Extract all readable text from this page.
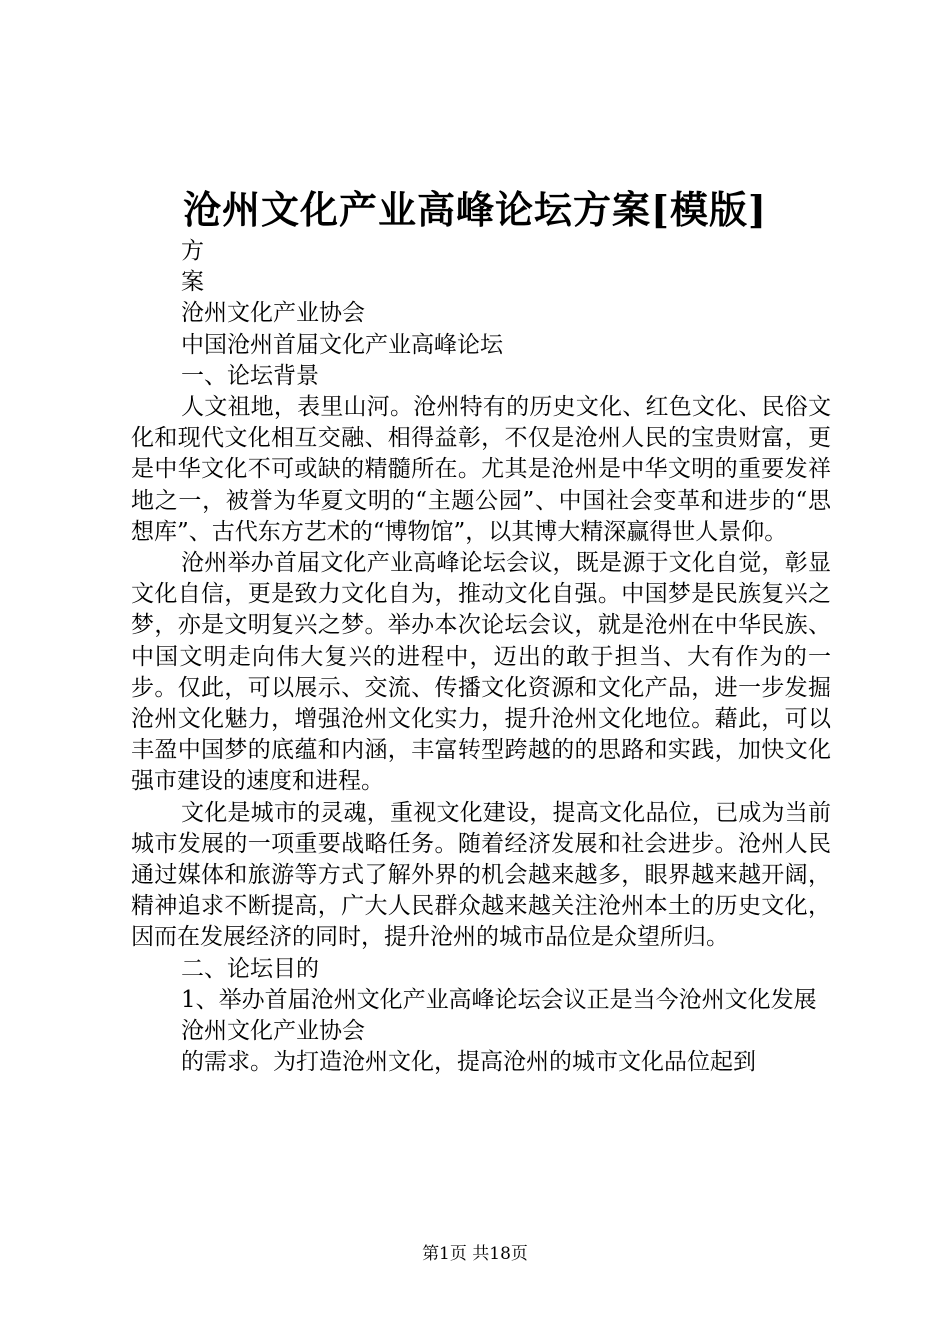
沧州文化产业高峰论坛方案[模版]

方

案

沧州文化产业协会

中国沧州首届文化产业高峰论坛

一、论坛背景

人文祖地，表里山河。沧州特有的历史文化、红色文化、民俗文化和现代文化相互交融、相得益彰，不仅是沧州人民的宝贵财富，更是中华文化不可或缺的精髓所在。尤其是沧州是中华文明的重要发祥地之一，被誉为华夏文明的“主题公园”、中国社会变革和进步的“思想库”、古代东方艺术的“博物馆”，以其博大精深赢得世人景仰。

沧州举办首届文化产业高峰论坛会议，既是源于文化自觉，彰显文化自信，更是致力文化自为，推动文化自强。中国梦是民族复兴之梦，亦是文明复兴之梦。举办本次论坛会议，就是沧州在中华民族、中国文明走向伟大复兴的进程中，迈出的敢于担当、大有作为的一步。仅此，可以展示、交流、传播文化资源和文化产品，进一步发掘沧州文化魅力，增强沧州文化实力，提升沧州文化地位。藉此，可以丰盈中国梦的底蕴和内涵，丰富转型跨越的的思路和实践，加快文化强市建设的速度和进程。

文化是城市的灵魂，重视文化建设，提高文化品位，已成为当前城市发展的一项重要战略任务。随着经济发展和社会进步。沧州人民通过媒体和旅游等方式了解外界的机会越来越多，眼界越来越开阔，精神追求不断提高，广大人民群众越来越关注沧州本土的历史文化，因而在发展经济的同时，提升沧州的城市品位是众望所归。

二、论坛目的

1、举办首届沧州文化产业高峰论坛会议正是当今沧州文化发展

沧州文化产业协会

的需求。为打造沧州文化，提高沧州的城市文化品位起到

第1页 共18页
